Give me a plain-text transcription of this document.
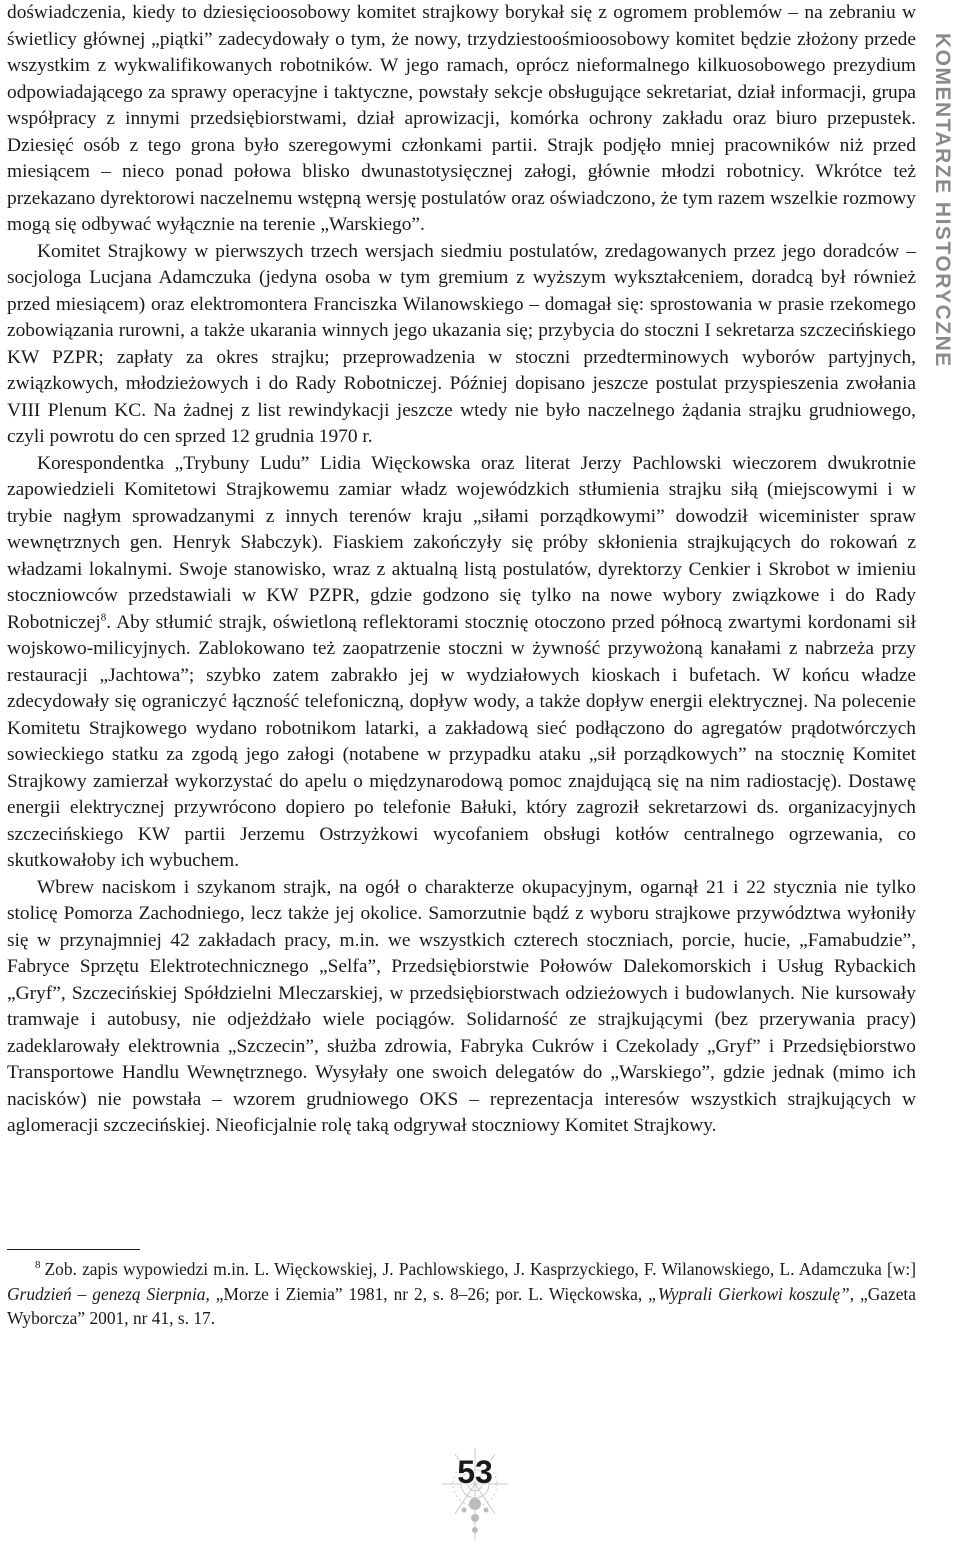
doświadczenia, kiedy to dziesięcioosobowy komitet strajkowy borykał się z ogromem problemów – na zebraniu w świetlicy głównej „piątki” zadecydowały o tym, że nowy, trzydziestoośmioosobowy komitet będzie złożony przede wszystkim z wykwalifikowanych robotników. W jego ramach, oprócz nieformalnego kilkuosobowego prezydium odpowiadającego za sprawy operacyjne i taktyczne, powstały sekcje obsługujące sekretariat, dział informacji, grupa współpracy z innymi przedsiębiorstwami, dział aprowizacji, komórka ochrony zakładu oraz biuro przepustek. Dziesięć osób z tego grona było szeregowymi członkami partii. Strajk podjęło mniej pracowników niż przed miesiącem – nieco ponad połowa blisko dwunastotysięcznej załogi, głównie młodzi robotnicy. Wkrótce też przekazano dyrektorowi naczelnemu wstępną wersję postulatów oraz oświadczono, że tym razem wszelkie rozmowy mogą się odbywać wyłącznie na terenie „Warskiego”.

Komitet Strajkowy w pierwszych trzech wersjach siedmiu postulatów, zredagowanych przez jego doradców – socjologa Lucjana Adamczuka (jedyna osoba w tym gremium z wyższym wykształceniem, doradcą był również przed miesiącem) oraz elektromontera Franciszka Wilanowskiego – domagał się: sprostowania w prasie rzekomego zobowiązania rurowni, a także ukarania winnych jego ukazania się; przybycia do stoczni I sekretarza szczecińskiego KW PZPR; zapłaty za okres strajku; przeprowadzenia w stoczni przedterminowych wyborów partyjnych, związkowych, młodzieżowych i do Rady Robotniczej. Później dopisano jeszcze postulat przyspieszenia zwołania VIII Plenum KC. Na żadnej z list rewindykacji jeszcze wtedy nie było naczelnego żądania strajku grudniowego, czyli powrotu do cen sprzed 12 grudnia 1970 r.

Korespondentka „Trybuny Ludu” Lidia Więckowska oraz literat Jerzy Pachlowski wieczorem dwukrotnie zapowiedzieli Komitetowi Strajkowemu zamiar władz wojewódzkich stłumienia strajku siłą (miejscowymi i w trybie nagłym sprowadzanymi z innych terenów kraju „siłami porządkowymi” dowodził wiceminister spraw wewnętrznych gen. Henryk Słabczyk). Fiaskiem zakończyły się próby skłonienia strajkujących do rokowań z władzami lokalnymi. Swoje stanowisko, wraz z aktualną listą postulatów, dyrektorzy Cenkier i Skrobot w imieniu stoczniowców przedstawiali w KW PZPR, gdzie godzono się tylko na nowe wybory związkowe i do Rady Robotniczej$^8$. Aby stłumić strajk, oświetloną reflektorami stocznię otoczono przed północą zwartymi kordonami sił wojskowo-milicyjnych. Zablokowano też zaopatrzenie stoczni w żywność przywożoną kanałami z nabrzeża przy restauracji „Jachtowa”; szybko zatem zabrakło jej w wydziałowych kioskach i bufetach. W końcu władze zdecydowały się ograniczyć łączność telefoniczną, dopływ wody, a także dopływ energii elektrycznej. Na polecenie Komitetu Strajkowego wydano robotnikom latarki, a zakładową sieć podłączono do agregatów prądotwórczych sowieckiego statku za zgodą jego załogi (notabene w przypadku ataku „sił porządkowych” na stocznię Komitet Strajkowy zamierzał wykorzystać do apelu o międzynarodową pomoc znajdującą się na nim radiostację). Dostawę energii elektrycznej przywrócono dopiero po telefonie Bałuki, który zagroził sekretarzowi ds. organizacyjnych szczecińskiego KW partii Jerzemu Ostrzyżkowi wycofaniem obsługi kotłów centralnego ogrzewania, co skutkowałoby ich wybuchem.

Wbrew naciskom i szykanom strajk, na ogół o charakterze okupacyjnym, ogarnął 21 i 22 stycznia nie tylko stolicę Pomorza Zachodniego, lecz także jej okolice. Samorzutnie bądź z wyboru strajkowe przywództwa wyłoniły się w przynajmniej 42 zakładach pracy, m.in. we wszystkich czterech stoczniach, porcie, hucie, „Famabudzie”, Fabryce Sprzętu Elektrotechnicznego „Selfa”, Przedsiębiorstwie Połowów Dalekomorskich i Usług Rybackich „Gryf”, Szczecińskiej Spółdzielni Mleczarskiej, w przedsiębiorstwach odzieżowych i budowlanych. Nie kursowały tramwaje i autobusy, nie odjeżdżało wiele pociągów. Solidarność ze strajkującymi (bez przerywania pracy) zadeklarowały elektrownia „Szczecin”, służba zdrowia, Fabryka Cukrów i Czekolady „Gryf” i Przedsiębiorstwo Transportowe Handlu Wewnętrznego. Wysyłały one swoich delegatów do „Warskiego”, gdzie jednak (mimo ich nacisków) nie powstała – wzorem grudniowego OKS – reprezentacja interesów wszystkich strajkujących w aglomeracji szczecińskiej. Nieoficjalnie rolę taką odgrywał stoczniowy Komitet Strajkowy.

$^8$ Zob. zapis wypowiedzi m.in. L. Więckowskiej, J. Pachlowskiego, J. Kasprzyckiego, F. Wilanowskiego, L. Adamczuka [w:] Grudzień – genezą Sierpnia, „Morze i Ziemia” 1981, nr 2, s. 8–26; por. L. Więckowska, „Wyprali Gierkowi koszulę”, „Gazeta Wyborcza” 2001, nr 41, s. 17.

KOMENTARZE HISTORYCZNE
53
